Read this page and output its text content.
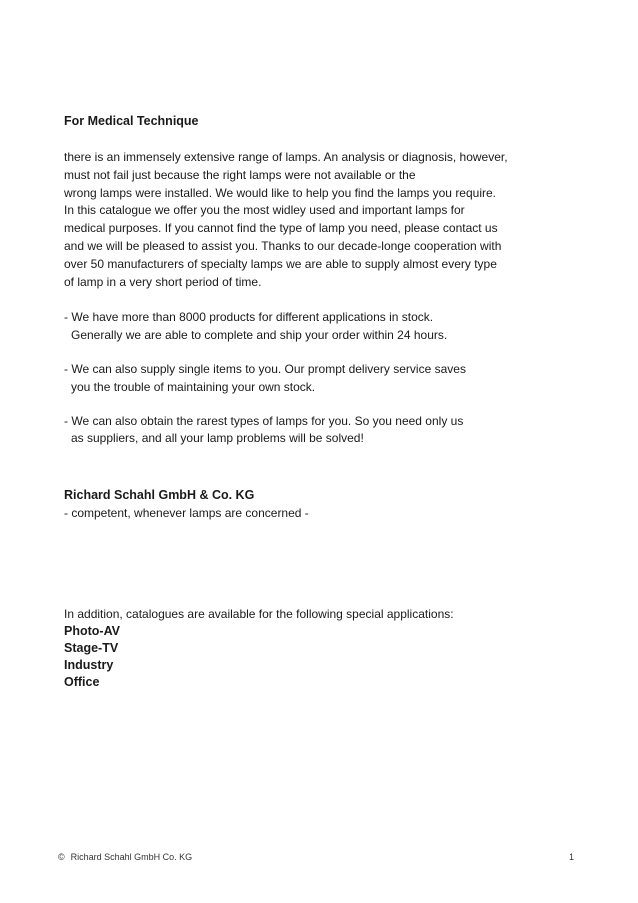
For Medical Technique
there is an immensely extensive range of lamps. An analysis or diagnosis, however,
must not fail just because the right lamps were not available or the
wrong lamps were installed. We would like to help you find the lamps you require.
In this catalogue we offer you the most widley used and important lamps for
medical purposes. If you cannot find the type of lamp you need, please contact us
and we will be pleased to assist you. Thanks to our decade-longe cooperation with
over 50 manufacturers of specialty lamps we are able to supply almost every type
of lamp in a very short period of time.
- We have more than 8000 products for different applications in stock.
Generally we are able to complete and ship your order within 24 hours.
- We can also supply single items to you. Our prompt delivery service saves
you the trouble of maintaining your own stock.
- We can also obtain the rarest types of lamps for you. So you need only us
as suppliers, and all your lamp problems will be solved!
Richard Schahl GmbH & Co. KG
- competent, whenever lamps are concerned -
In addition, catalogues are available for the following special applications:
Photo-AV
Stage-TV
Industry
Office
© Richard Schahl GmbH Co. KG	1
